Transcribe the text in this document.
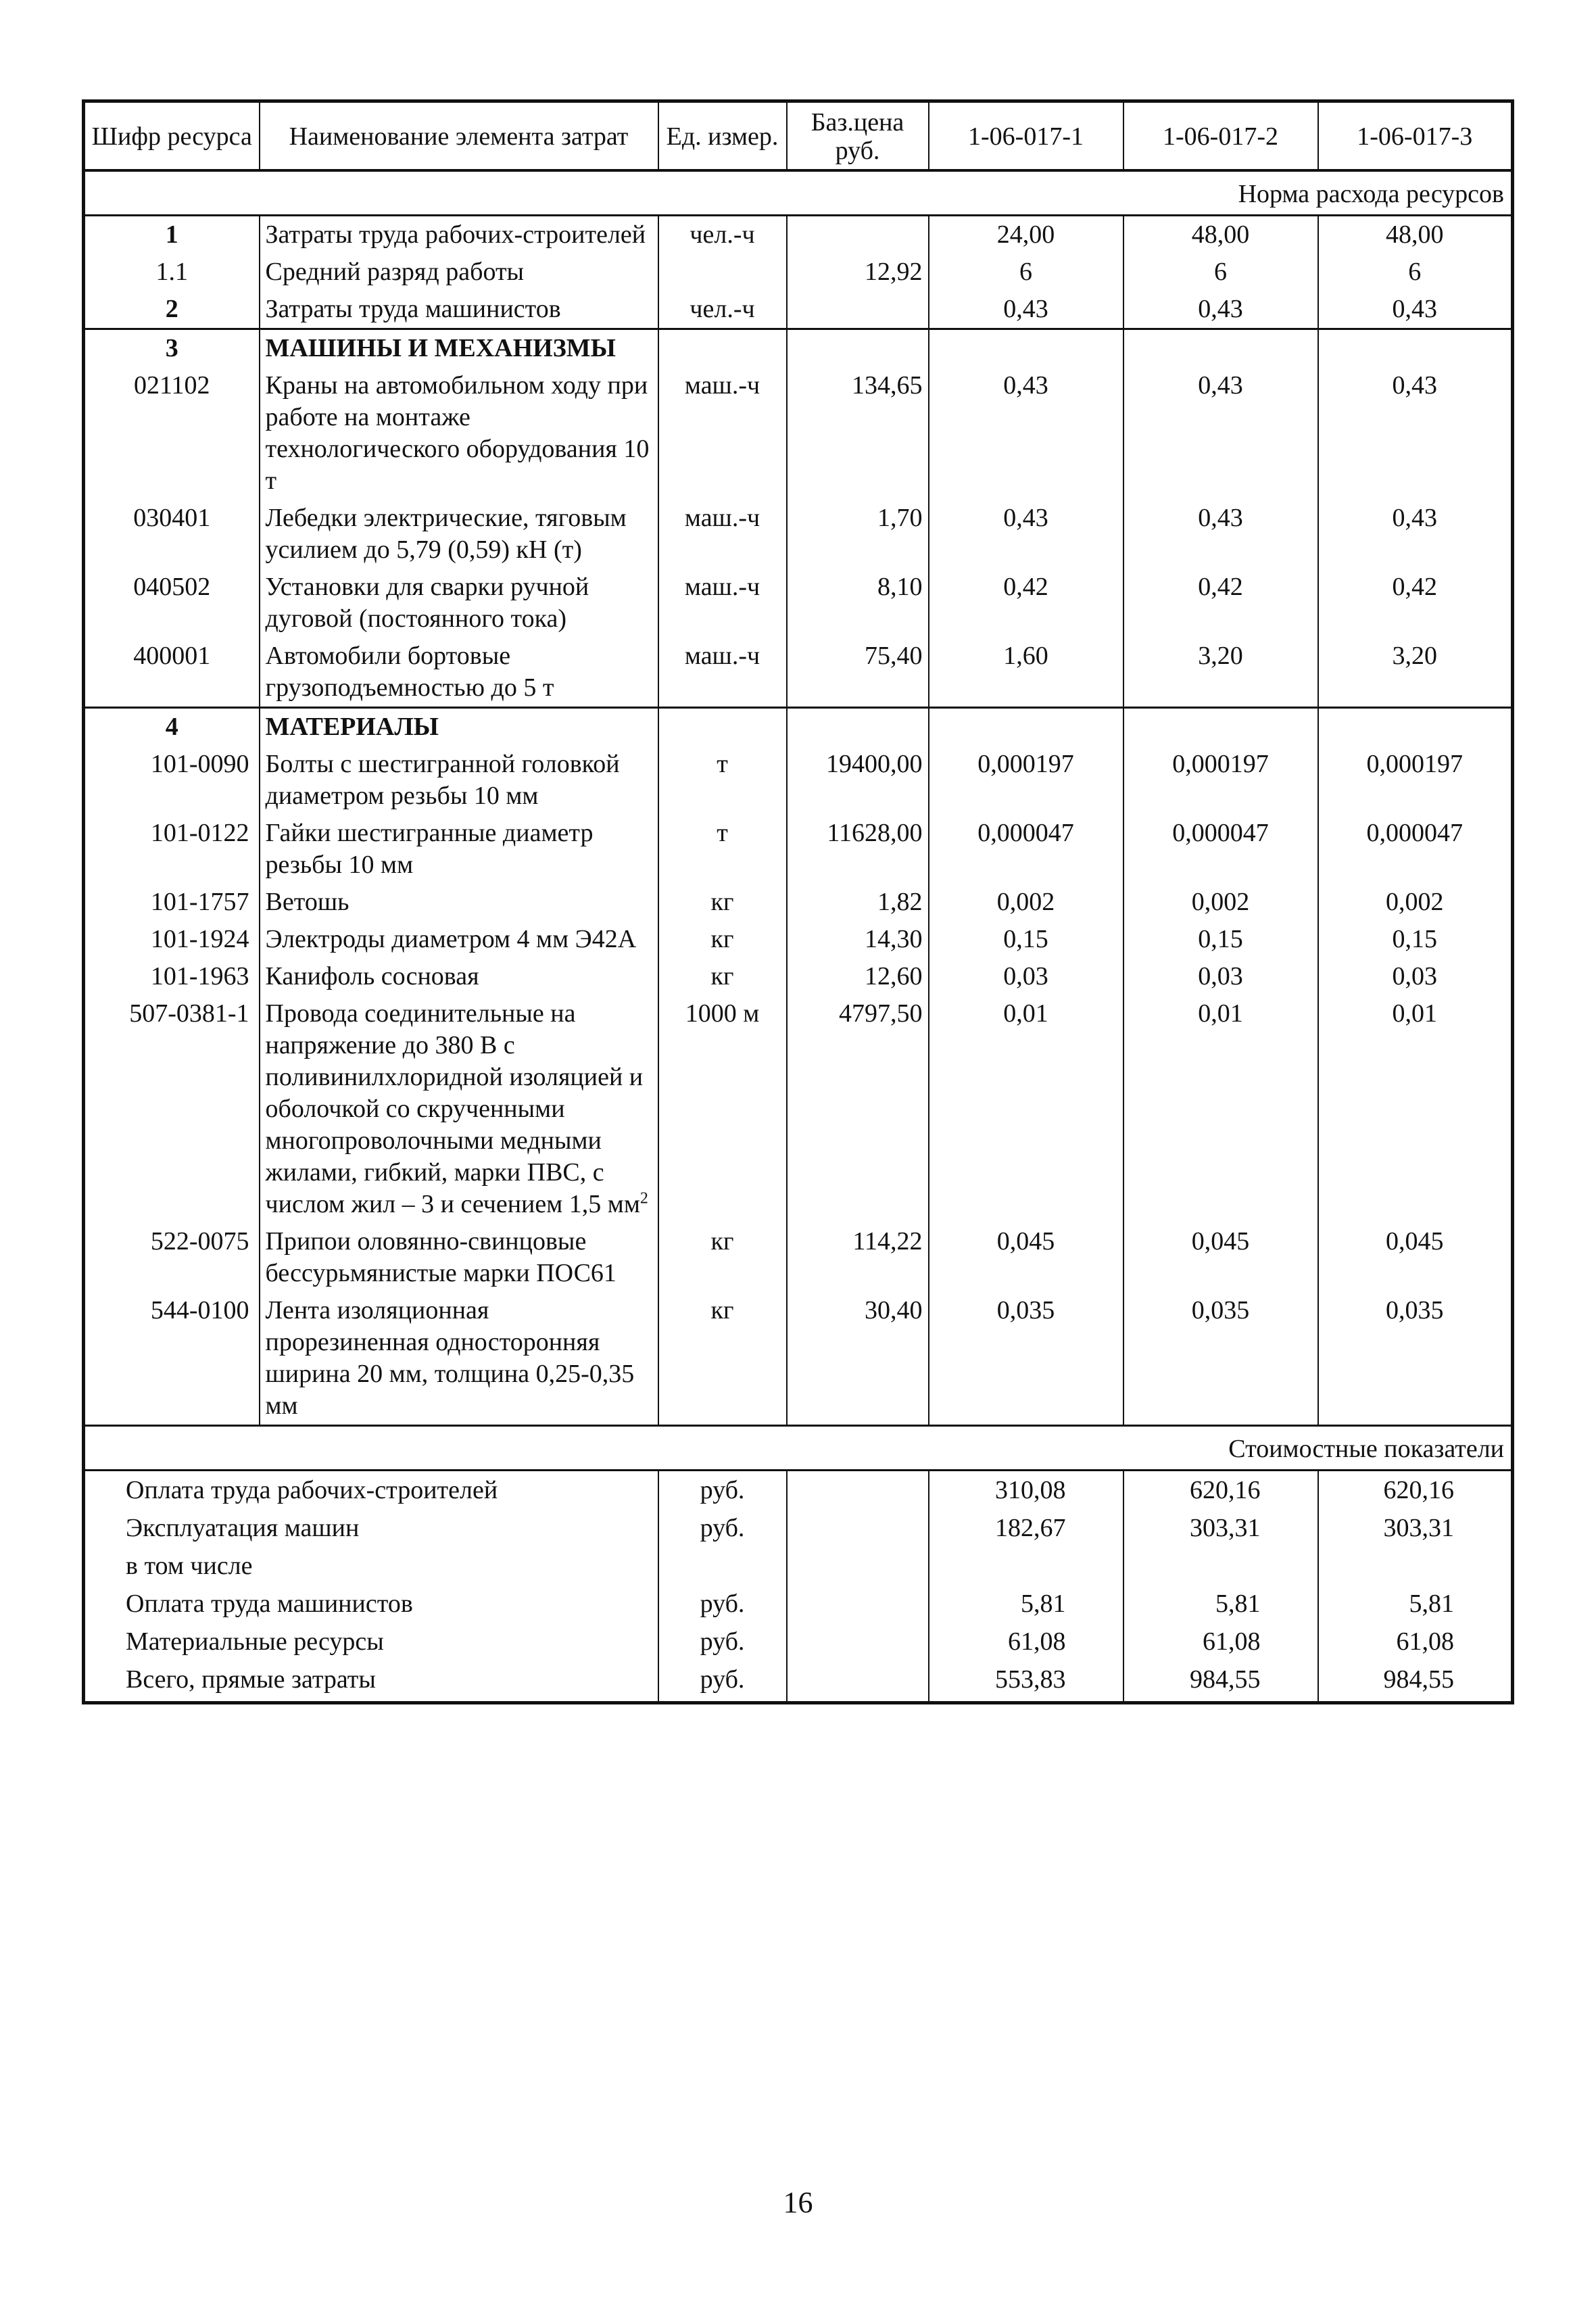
Шифр ресурса	Наименование элемента затрат	Ед. измер.	Баз.цена руб.	1-06-017-1	1-06-017-2	1-06-017-3
Норма расхода ресурсов						
1	Затраты труда рабочих-строителей	чел.-ч		24,00	48,00	48,00
1.1	Средний разряд работы		12,92	6	6	6
2	Затраты труда машинистов	чел.-ч		0,43	0,43	0,43
3	МАШИНЫ И МЕХАНИЗМЫ					
021102	Краны на автомобильном ходу при работе на монтаже технологического оборудования 10 т	маш.-ч	134,65	0,43	0,43	0,43
030401	Лебедки электрические, тяговым усилием до 5,79 (0,59) кН (т)	маш.-ч	1,70	0,43	0,43	0,43
040502	Установки для сварки ручной дуговой (постоянного тока)	маш.-ч	8,10	0,42	0,42	0,42
400001	Автомобили бортовые грузоподъемностью до 5 т	маш.-ч	75,40	1,60	3,20	3,20
4	МАТЕРИАЛЫ					
101-0090	Болты с шестигранной головкой диаметром резьбы 10 мм	т	19400,00	0,000197	0,000197	0,000197
101-0122	Гайки шестигранные диаметр резьбы 10 мм	т	11628,00	0,000047	0,000047	0,000047
101-1757	Ветошь	кг	1,82	0,002	0,002	0,002
101-1924	Электроды диаметром 4 мм Э42А	кг	14,30	0,15	0,15	0,15
101-1963	Канифоль сосновая	кг	12,60	0,03	0,03	0,03
507-0381-1	Провода соединительные на напряжение до 380 В с поливинилхлоридной изоляцией и оболочкой со скрученными многопроволочными медными жилами, гибкий, марки ПВС, с числом жил – 3 и сечением 1,5 $мм^2$	1000 м	4797,50	0,01	0,01	0,01
522-0075	Припои оловянно-свинцовые бессурьмянистые марки ПОС61	кг	114,22	0,045	0,045	0,045
544-0100	Лента изоляционная прорезиненная односторонняя ширина 20 мм, толщина 0,25-0,35 мм	кг	30,40	0,035	0,035	0,035
Стоимостные показатели						
Оплата труда рабочих-строителей		руб.		310,08	620,16	620,16
Эксплуатация машин		руб.		182,67	303,31	303,31
в том числе						
Оплата труда машинистов		руб.		5,81	5,81	5,81
Материальные ресурсы		руб.		61,08	61,08	61,08
Всего, прямые затраты		руб.		553,83	984,55	984,55
16
